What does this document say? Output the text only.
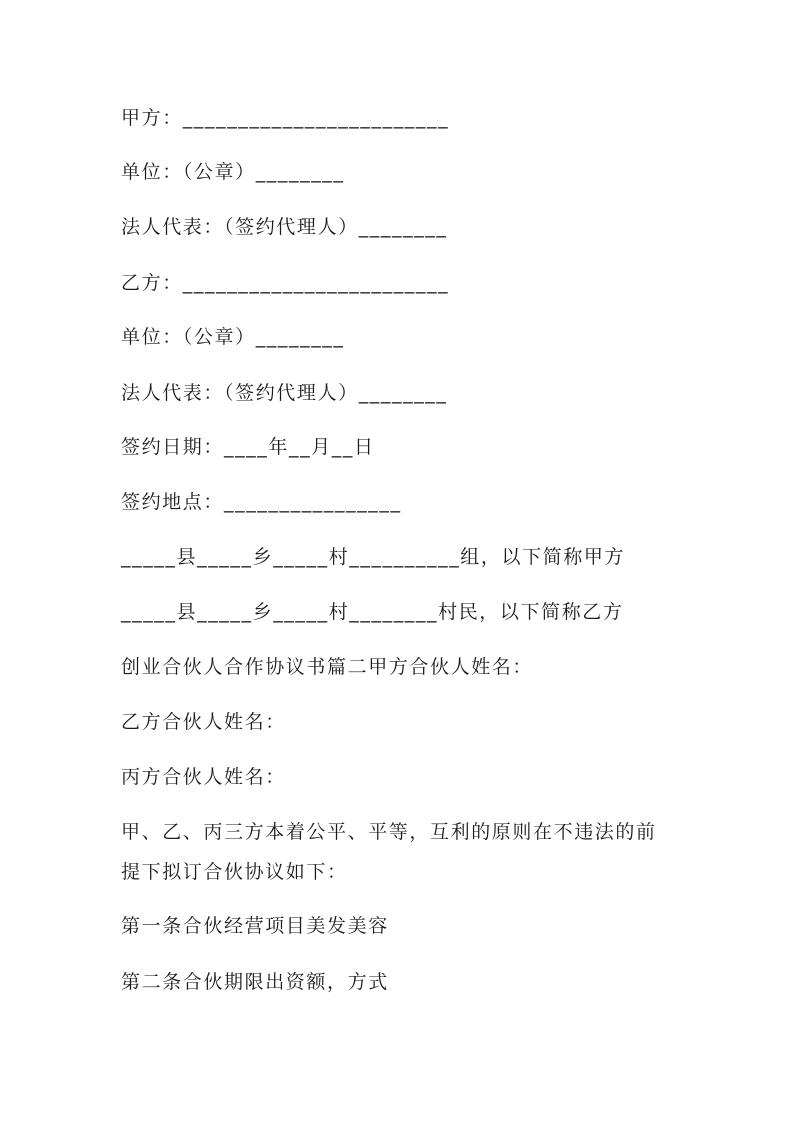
甲方：________________________
单位：（公章）________
法人代表：（签约代理人）________
乙方：________________________
单位：（公章）________
法人代表：（签约代理人）________
签约日期：____年__月__日
签约地点：________________
_____县_____乡_____村__________组，以下简称甲方
_____县_____乡_____村________村民，以下简称乙方
创业合伙人合作协议书篇二甲方合伙人姓名：
乙方合伙人姓名：
丙方合伙人姓名：
甲、乙、丙三方本着公平、平等，互利的原则在不违法的前
提下拟订合伙协议如下：
第一条合伙经营项目美发美容
第二条合伙期限出资额，方式
